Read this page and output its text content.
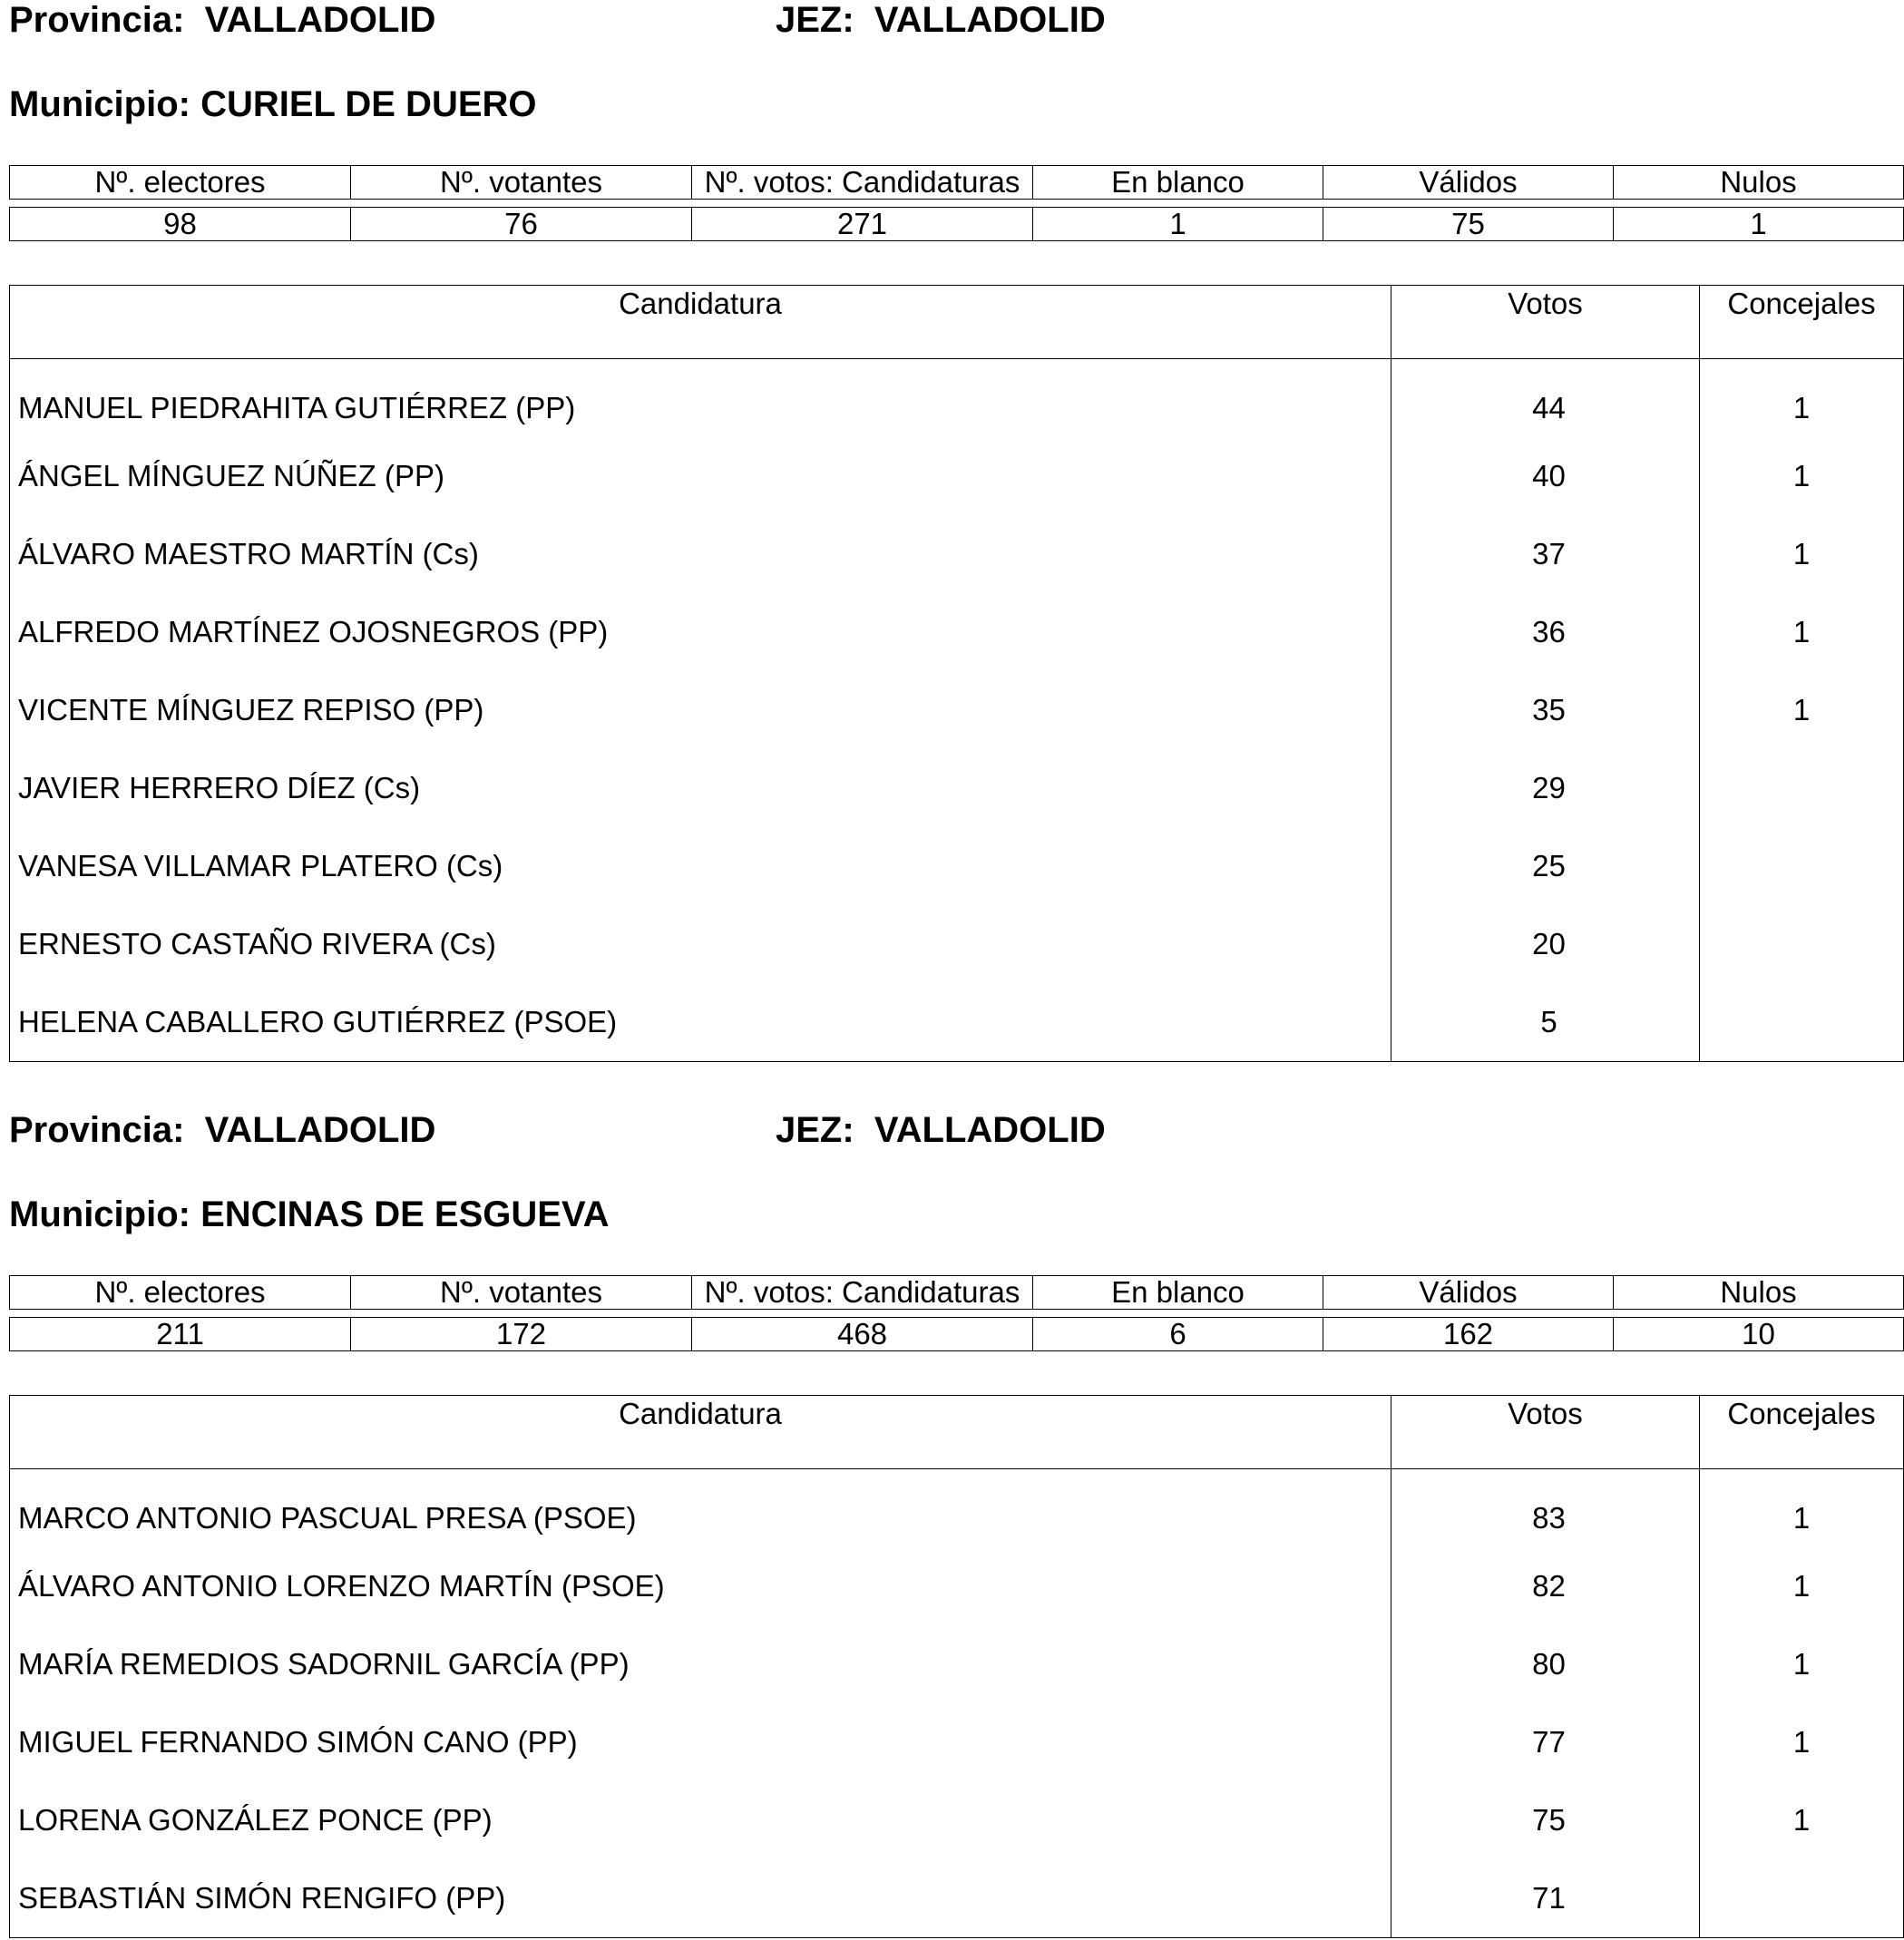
Provincia: VALLADOLID	JEZ: VALLADOLID
Municipio: CURIEL DE DUERO
Nº. electores	Nº. votantes	Nº. votos: Candidaturas	En blanco	Válidos	Nulos

98	76	271	1	75	1
Candidatura	Votos	Concejales
MANUEL PIEDRAHITA GUTIÉRREZ (PP)	44	1
ÁNGEL MÍNGUEZ NÚÑEZ (PP)	40	1
ÁLVARO MAESTRO MARTÍN (Cs)	37	1
ALFREDO MARTÍNEZ OJOSNEGROS (PP)	36	1
VICENTE MÍNGUEZ REPISO (PP)	35	1
JAVIER HERRERO DÍEZ (Cs)	29	
VANESA VILLAMAR PLATERO (Cs)	25	
ERNESTO CASTAÑO RIVERA (Cs)	20	
HELENA CABALLERO GUTIÉRREZ (PSOE)	5	
Provincia: VALLADOLID	JEZ: VALLADOLID
Municipio: ENCINAS DE ESGUEVA
Nº. electores	Nº. votantes	Nº. votos: Candidaturas	En blanco	Válidos	Nulos

211	172	468	6	162	10
Candidatura	Votos	Concejales
MARCO ANTONIO PASCUAL PRESA (PSOE)	83	1
ÁLVARO ANTONIO LORENZO MARTÍN (PSOE)	82	1
MARÍA REMEDIOS SADORNIL GARCÍA (PP)	80	1
MIGUEL FERNANDO SIMÓN CANO (PP)	77	1
LORENA GONZÁLEZ PONCE (PP)	75	1
SEBASTIÁN SIMÓN RENGIFO (PP)	71	
